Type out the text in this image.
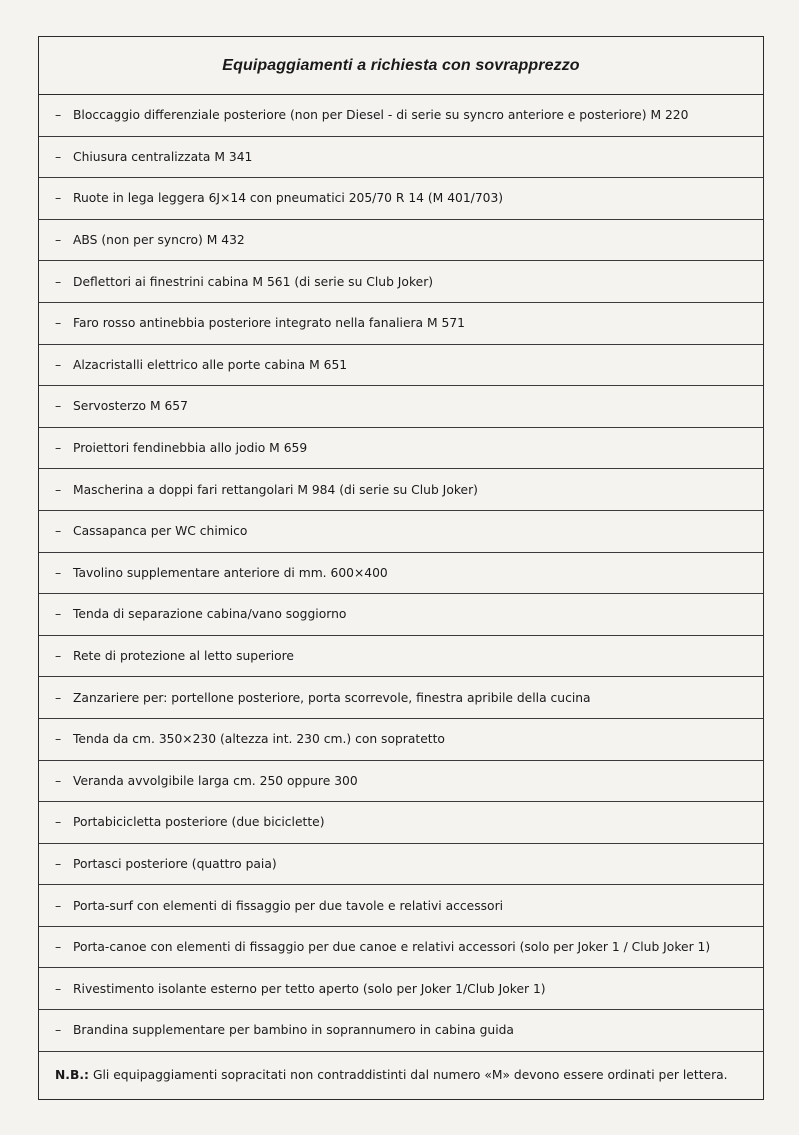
Equipaggiamenti a richiesta con sovrapprezzo
– Bloccaggio differenziale posteriore (non per Diesel - di serie su syncro anteriore e posteriore) M 220
– Chiusura centralizzata M 341
– Ruote in lega leggera 6J×14 con pneumatici 205/70 R 14 (M 401/703)
– ABS (non per syncro) M 432
– Deflettori ai finestrini cabina M 561 (di serie su Club Joker)
– Faro rosso antinebbia posteriore integrato nella fanaliera M 571
– Alzacristalli elettrico alle porte cabina M 651
– Servosterzo M 657
– Proiettori fendinebbia allo jodio M 659
– Mascherina a doppi fari rettangolari M 984 (di serie su Club Joker)
– Cassapanca per WC chimico
– Tavolino supplementare anteriore di mm. 600×400
– Tenda di separazione cabina/vano soggiorno
– Rete di protezione al letto superiore
– Zanzariere per: portellone posteriore, porta scorrevole, finestra apribile della cucina
– Tenda da cm. 350×230 (altezza int. 230 cm.) con sopratetto
– Veranda avvolgibile larga cm. 250 oppure 300
– Portabicicletta posteriore (due biciclette)
– Portasci posteriore (quattro paia)
– Porta-surf con elementi di fissaggio per due tavole e relativi accessori
– Porta-canoe con elementi di fissaggio per due canoe e relativi accessori (solo per Joker 1 / Club Joker 1)
– Rivestimento isolante esterno per tetto aperto (solo per Joker 1/Club Joker 1)
– Brandina supplementare per bambino in soprannumero in cabina guida
N.B.: Gli equipaggiamenti sopracitati non contraddistinti dal numero «M» devono essere ordinati per lettera.
